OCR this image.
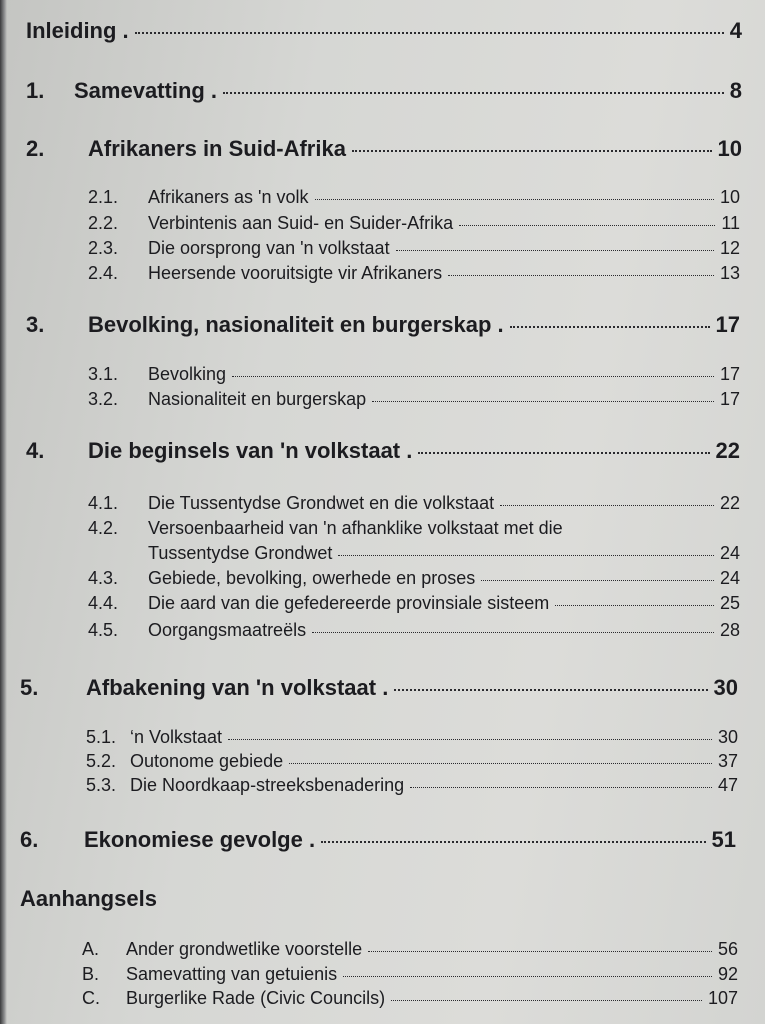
Inleiding .	4
1.	Samevatting .	8
2.	Afrikaners in Suid-Afrika	10
2.1.	Afrikaners as 'n volk	10
2.2.	Verbintenis aan Suid- en Suider-Afrika	11
2.3.	Die oorsprong van 'n volkstaat	12
2.4.	Heersende vooruitsigte vir Afrikaners	13
3.	Bevolking, nasionaliteit en burgerskap .	17
3.1.	Bevolking	17
3.2.	Nasionaliteit en burgerskap	17
4.	Die beginsels van 'n volkstaat .	22
4.1.	Die Tussentydse Grondwet en die volkstaat	22
4.2.	Versoenbaarheid van 'n afhanklike volkstaat met die
Tussentydse Grondwet	24
4.3.	Gebiede, bevolking, owerhede en proses	24
4.4.	Die aard van die gefedereerde provinsiale sisteem	25
4.5.	Oorgangsmaatreëls	28
5.	Afbakening van 'n volkstaat .	30
5.1. ‘n Volkstaat	30
5.2. Outonome gebiede	37
5.3. Die Noordkaap-streeksbenadering	47
6.	Ekonomiese gevolge .	51
Aanhangsels
A.	Ander grondwetlike voorstelle	56
B.	Samevatting van getuienis	92
C.	Burgerlike Rade (Civic Councils)	107
